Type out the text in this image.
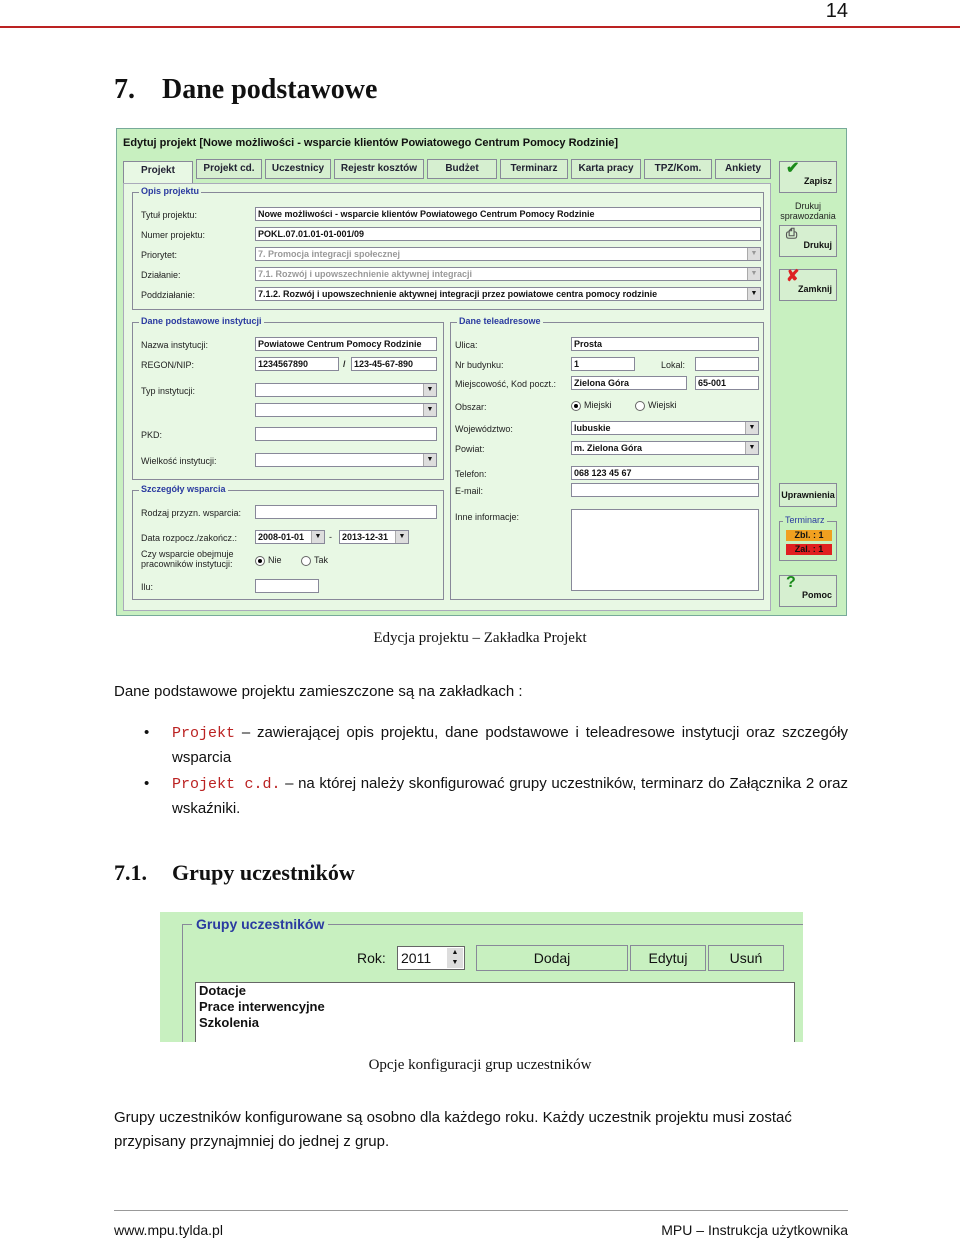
14
7. Dane podstawowe
Edytuj projekt [Nowe możliwości - wsparcie klientów Powiatowego Centrum Pomocy Rodzinie]
Projekt	Projekt cd.	Uczestnicy	Rejestr kosztów	Budżet	Terminarz	Karta pracy	TPZ/Kom.	Ankiety
Opis projektu
Tytuł projektu:	Nowe możliwości - wsparcie klientów Powiatowego Centrum Pomocy Rodzinie
Numer projektu:	POKL.07.01.01-01-001/09
Priorytet:	7. Promocja integracji społecznej	▼
Działanie:	7.1. Rozwój i upowszechnienie aktywnej integracji	▼
Poddziałanie:	7.1.2. Rozwój i upowszechnienie aktywnej integracji przez powiatowe centra pomocy rodzinie	▼
Dane podstawowe instytucji
Nazwa instytucji:	Powiatowe Centrum Pomocy Rodzinie
REGON/NIP:	1234567890	/ 123-45-67-890
Typ instytucji:	▼
▼
PKD:
Wielkość instytucji:	▼
Szczegóły wsparcia
Rodzaj przyzn. wsparcia:
Data rozpocz./zakończ.:	2008-01-01	▼ -	2013-12-31	▼
Czy wsparcie obejmuje pracowników instytucji:	Nie	Tak
Ilu:
Dane teleadresowe
Ulica:	Prosta
Nr budynku:	1	Lokal:
Miejscowość, Kod poczt.:	Zielona Góra	65-001
Obszar:	Miejski	Wiejski
Województwo:	lubuskie	▼
Powiat:	m. Zielona Góra	▼
Telefon:	068 123 45 67
E-mail:
Inne informacje:
✔
Zapisz
Drukuj sprawozdania
⎙
Drukuj
✘
Zamknij
Uprawnienia
Terminarz
Zbl. : 1
Zal. : 1
?
Pomoc
Edycja projektu – Zakładka Projekt
Dane podstawowe projektu zamieszczone są na zakładkach :
• Projekt – zawierającej opis projektu, dane podstawowe i teleadresowe instytucji oraz szczegóły wsparcia
• Projekt c.d. – na której należy skonfigurować grupy uczestników, terminarz do Załącznika 2 oraz wskaźniki.
7.1. Grupy uczestników
Grupy uczestników
Rok: 2011	▲
▼	Dodaj	Edytuj	Usuń
Dotacje
Prace interwencyjne
Szkolenia
Opcje konfiguracji grup uczestników
Grupy uczestników konfigurowane są osobno dla każdego roku. Każdy uczestnik projektu musi zostać przypisany przynajmniej do jednej z grup.
www.mpu.tylda.pl	MPU – Instrukcja użytkownika
